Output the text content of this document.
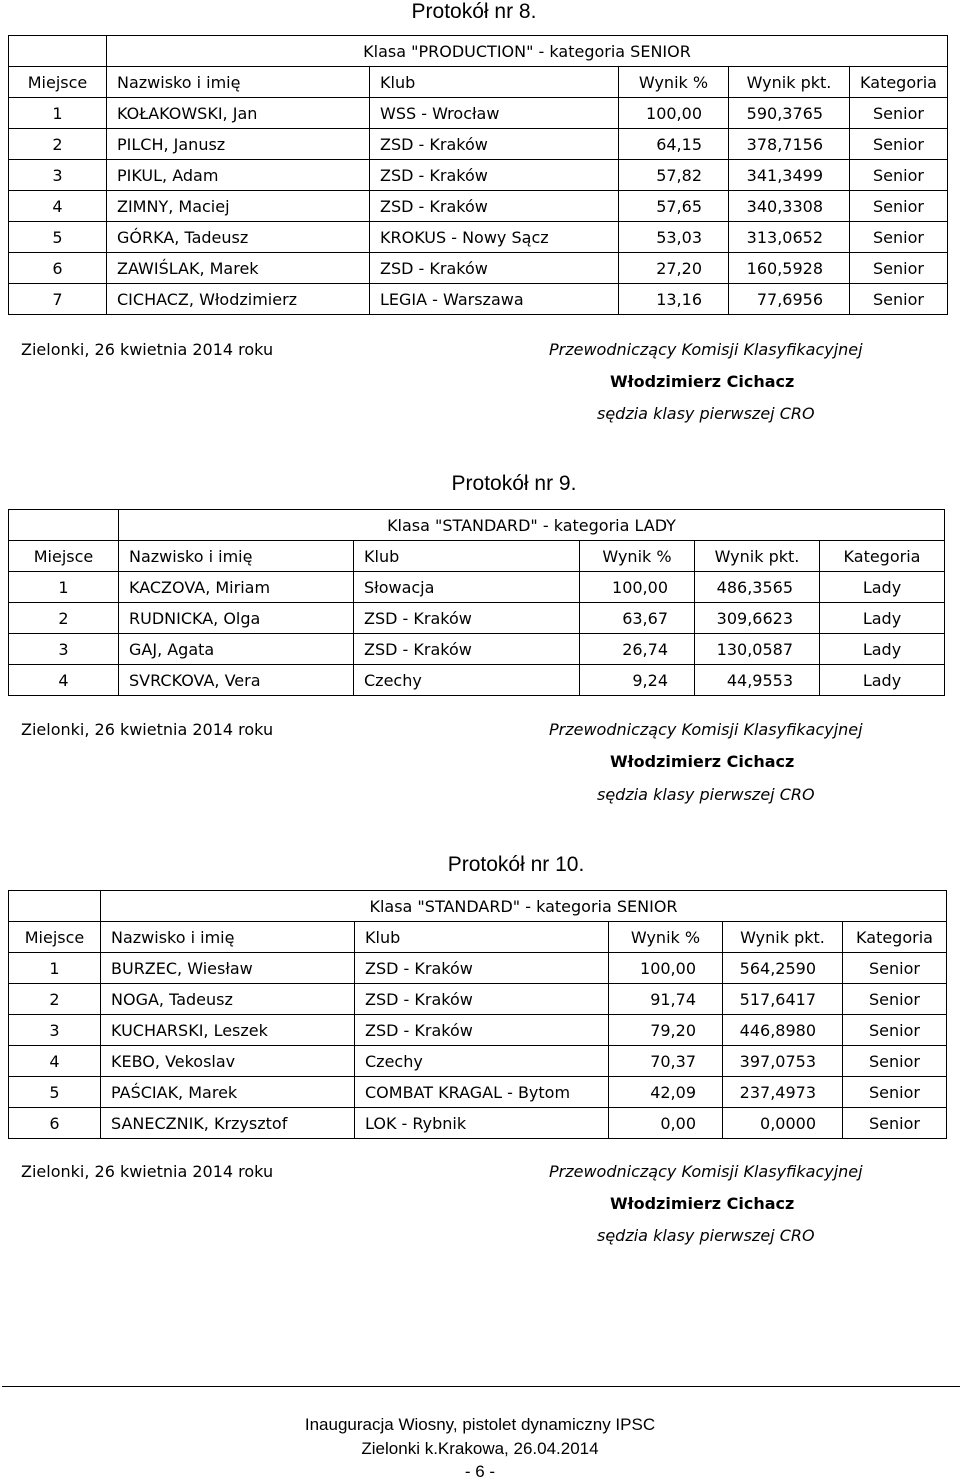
Protokół nr 8.
	Klasa "PRODUCTION" - kategoria SENIOR				
Miejsce	Nazwisko i imię	Klub	Wynik %	Wynik pkt.	Kategoria
1	KOŁAKOWSKI, Jan	WSS - Wrocław	100,00	590,3765	Senior
2	PILCH, Janusz	ZSD - Kraków	64,15	378,7156	Senior
3	PIKUL, Adam	ZSD - Kraków	57,82	341,3499	Senior
4	ZIMNY, Maciej	ZSD - Kraków	57,65	340,3308	Senior
5	GÓRKA, Tadeusz	KROKUS - Nowy Sącz	53,03	313,0652	Senior
6	ZAWIŚLAK, Marek	ZSD - Kraków	27,20	160,5928	Senior
7	CICHACZ, Włodzimierz	LEGIA - Warszawa	13,16	77,6956	Senior
Zielonki, 26 kwietnia 2014 roku	Przewodniczący Komisji Klasyfikacyjnej
Włodzimierz Cichacz
sędzia klasy pierwszej CRO
Protokół nr 9.
	Klasa "STANDARD" - kategoria LADY				
Miejsce	Nazwisko i imię	Klub	Wynik %	Wynik pkt.	Kategoria
1	KACZOVA, Miriam	Słowacja	100,00	486,3565	Lady
2	RUDNICKA, Olga	ZSD - Kraków	63,67	309,6623	Lady
3	GAJ, Agata	ZSD - Kraków	26,74	130,0587	Lady
4	SVRCKOVA, Vera	Czechy	9,24	44,9553	Lady
Zielonki, 26 kwietnia 2014 roku	Przewodniczący Komisji Klasyfikacyjnej
Włodzimierz Cichacz
sędzia klasy pierwszej CRO
Protokół nr 10.
	Klasa "STANDARD" - kategoria SENIOR				
Miejsce	Nazwisko i imię	Klub	Wynik %	Wynik pkt.	Kategoria
1	BURZEC, Wiesław	ZSD - Kraków	100,00	564,2590	Senior
2	NOGA, Tadeusz	ZSD - Kraków	91,74	517,6417	Senior
3	KUCHARSKI, Leszek	ZSD - Kraków	79,20	446,8980	Senior
4	KEBO, Vekoslav	Czechy	70,37	397,0753	Senior
5	PAŚCIAK, Marek	COMBAT KRAGAL - Bytom	42,09	237,4973	Senior
6	SANECZNIK, Krzysztof	LOK - Rybnik	0,00	0,0000	Senior
Zielonki, 26 kwietnia 2014 roku	Przewodniczący Komisji Klasyfikacyjnej
Włodzimierz Cichacz
sędzia klasy pierwszej CRO
Inauguracja Wiosny, pistolet dynamiczny IPSC
Zielonki k.Krakowa, 26.04.2014
- 6 -
